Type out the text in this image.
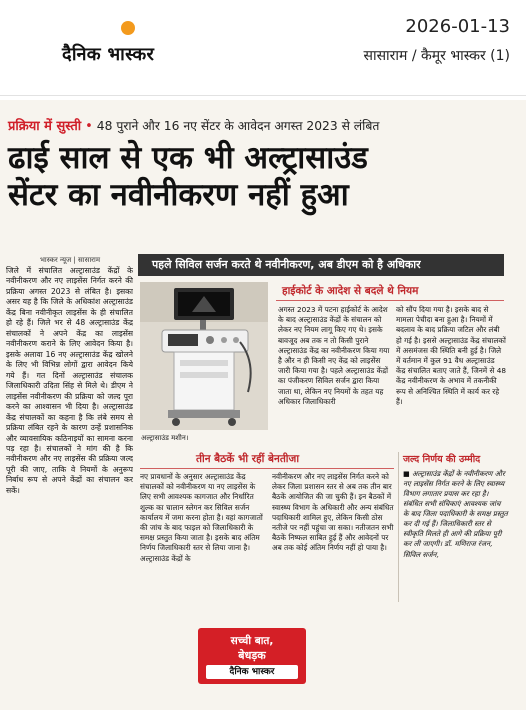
दैनिक भास्कर
2026-01-13
सासाराम / कैमूर भास्कर (1)
प्रक्रिया में सुस्ती • 48 पुराने और 16 नए सेंटर के आवेदन अगस्त 2023 से लंबित
ढाई साल से एक भी अल्ट्रासाउंड
सेंटर का नवीनीकरण नहीं हुआ
भास्कर न्यूज | सासाराम
जिले में संचालित अल्ट्रासाउंड केंद्रों के नवीनीकरण और नए लाइसेंस निर्गत करने की प्रक्रिया अगस्त 2023 से लंबित है। इसका असर यह है कि जिले के अधिकांश अल्ट्रासाउंड केंद्र बिना नवीनीकृत लाइसेंस के ही संचालित हो रहे हैं। जिले भर से 48 अल्ट्रासाउंड केंद्र संचालकों ने अपने केंद्र का लाइसेंस नवीनीकरण कराने के लिए आवेदन किया है। इसके अलावा 16 नए अल्ट्रासाउंड केंद्र खोलने के लिए भी विभिन्न लोगों द्वारा आवेदन किये गये हैं। गत दिनों अल्ट्रासाउंड संचालक जिलाधिकारी उदिता सिंह से मिले थे। डीएम ने लाइसेंस नवीनीकरण की प्रक्रिया को जल्द पूरा करने का आश्वासन भी दिया है। अल्ट्रासाउंड केंद्र संचालकों का कहना है कि लंबे समय से प्रक्रिया लंबित रहने के कारण उन्हें प्रशासनिक और व्यावसायिक कठिनाइयों का सामना करना पड़ रहा है। संचालकों ने मांग की है कि नवीनीकरण और नए लाइसेंस की प्रक्रिया जल्द पूरी की जाए, ताकि वे नियमों के अनुरूप निर्बाध रूप से अपने केंद्रों का संचालन कर सकें।
पहले सिविल सर्जन करते थे नवीनीकरण, अब डीएम को है अधिकार
अल्ट्रासाउंड मशीन।
हाईकोर्ट के आदेश से बदले थे नियम
अगस्त 2023 में पटना हाईकोर्ट के आदेश के बाद अल्ट्रासाउंड केंद्रों के संचालन को लेकर नए नियम लागू किए गए थे। इसके बावजूद अब तक न तो किसी पुराने अल्ट्रासाउंड केंद्र का नवीनीकरण किया गया है और न ही किसी नए केंद्र को लाइसेंस जारी किया गया है। पहले अल्ट्रासाउंड केंद्रों का पंजीकरण सिविल सर्जन द्वारा किया जाता था, लेकिन नए नियमों के तहत यह अधिकार जिलाधिकारी
को सौंप दिया गया है। इसके बाद से मामला पेचीदा बना हुआ है। नियमों में बदलाव के बाद प्रक्रिया जटिल और लंबी हो गई है। इससे अल्ट्रासाउंड केंद्र संचालकों में असमंजस की स्थिति बनी हुई है। जिले में वर्तमान में कुल 91 वैध अल्ट्रासाउंड केंद्र संचालित बताए जाते हैं, जिनमें से 48 केंद्र नवीनीकरण के अभाव में तकनीकी रूप से अनिश्चित स्थिति में कार्य कर रहे हैं।
तीन बैठकें भी रहीं बेनतीजा
नए प्रावधानों के अनुसार अल्ट्रासाउंड केंद्र संचालकों को नवीनीकरण या नए लाइसेंस के लिए सभी आवश्यक कागजात और निर्धारित शुल्क का चालान स्लेगन कर सिविल सर्जन कार्यालय में जमा करना होता है। वहां कागजातों की जांच के बाद फाइल को जिलाधिकारी के समक्ष प्रस्तुत किया जाता है। इसके बाद अंतिम निर्णय जिलाधिकारी स्तर से लिया जाना है। अल्ट्रासाउंड केंद्रों के
नवीनीकरण और नए लाइसेंस निर्गत करने को लेकर जिला प्रशासन स्तर से अब तक तीन बार बैठकें आयोजित की जा चुकी हैं। इन बैठकों में स्वास्थ्य विभाग के अधिकारी और अन्य संबंधित पदाधिकारी शामिल हुए, लेकिन किसी ठोस नतीजे पर नहीं पहुंचा जा सका। नतीजतन सभी बैठकें निष्फल साबित हुई हैं और आवेदनों पर अब तक कोई अंतिम निर्णय नहीं हो पाया है।
जल्द निर्णय की उम्मीद
■ अल्ट्रासाउंड केंद्रों के नवीनीकरण और नए लाइसेंस निर्गत करने के लिए स्वास्थ्य विभाग लगातार प्रयास कर रहा है। संबंधित सभी संचिकाएं आवश्यक जांच के बाद जिला पदाधिकारी के समक्ष प्रस्तुत कर दी गई हैं। जिलाधिकारी स्तर से स्वीकृति मिलते ही आगे की प्रक्रिया पूरी कर ली जाएगी। डॉ. मणिराज रंजन, सिविल सर्जन,
सच्ची बात,
बेधड़क
दैनिक भास्कर
